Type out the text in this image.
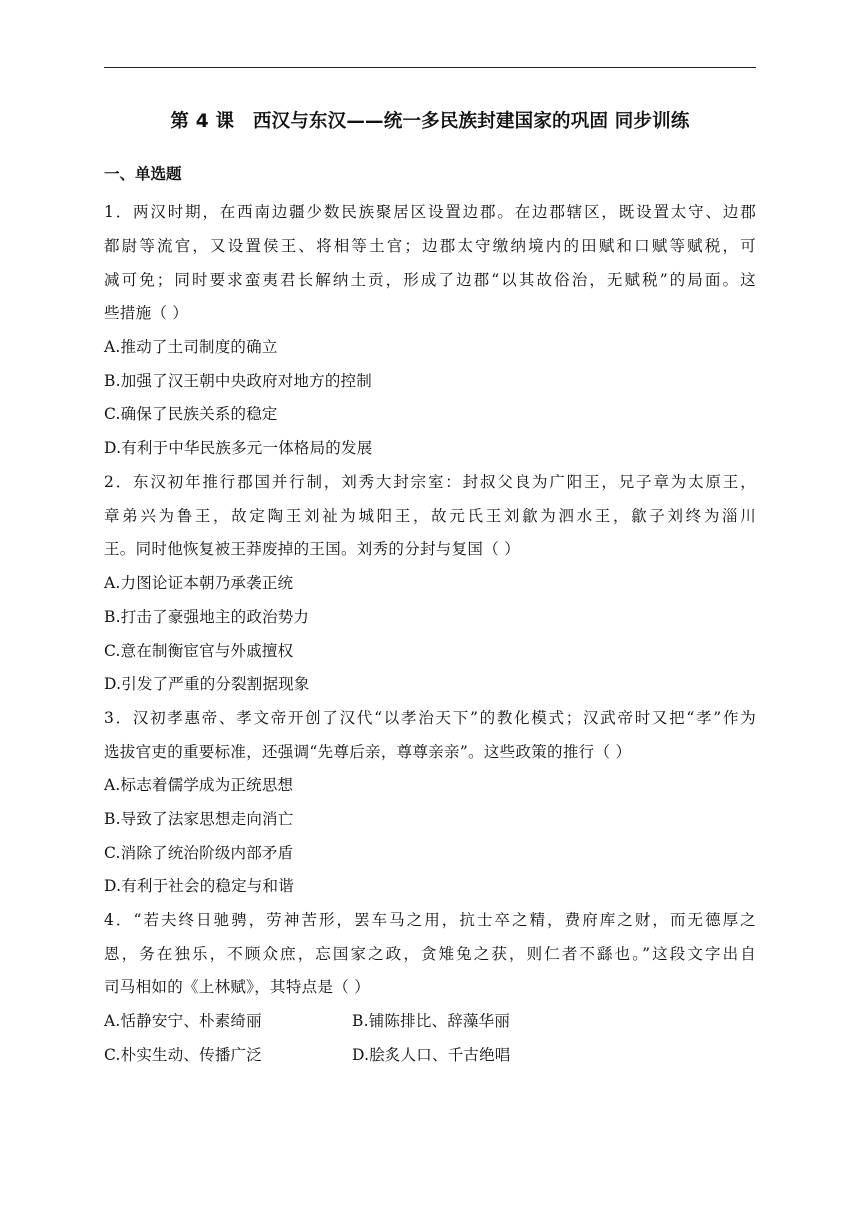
第 4 课　西汉与东汉——统一多民族封建国家的巩固 同步训练
一、单选题
1．两汉时期，在西南边疆少数民族聚居区设置边郡。在边郡辖区，既设置太守、边郡
都尉等流官，又设置侯王、将相等土官；边郡太守缴纳境内的田赋和口赋等赋税，可
减可免；同时要求蛮夷君长解纳土贡，形成了边郡“以其故俗治，无赋税”的局面。这
些措施（ ）
A.推动了土司制度的确立
B.加强了汉王朝中央政府对地方的控制
C.确保了民族关系的稳定
D.有利于中华民族多元一体格局的发展
2．东汉初年推行郡国并行制，刘秀大封宗室：封叔父良为广阳王，兄子章为太原王，
章弟兴为鲁王，故定陶王刘祉为城阳王，故元氏王刘歙为泗水王，歙子刘终为淄川
王。同时他恢复被王莽废掉的王国。刘秀的分封与复国（ ）
A.力图论证本朝乃承袭正统
B.打击了豪强地主的政治势力
C.意在制衡宦官与外戚擅权
D.引发了严重的分裂割据现象
3．汉初孝惠帝、孝文帝开创了汉代“以孝治天下”的教化模式；汉武帝时又把“孝”作为
选拔官吏的重要标准，还强调“先尊后亲，尊尊亲亲”。这些政策的推行（ ）
A.标志着儒学成为正统思想
B.导致了法家思想走向消亡
C.消除了统治阶级内部矛盾
D.有利于社会的稳定与和谐
4．“若夫终日驰骋，劳神苦形，罢车马之用，抗士卒之精，费府库之财，而无德厚之
恩，务在独乐，不顾众庶，忘国家之政，贪雉兔之获，则仁者不繇也。”这段文字出自
司马相如的《上林赋》，其特点是（ ）
A.恬静安宁、朴素绮丽	B.铺陈排比、辞藻华丽
C.朴实生动、传播广泛	D.脍炙人口、千古绝唱
